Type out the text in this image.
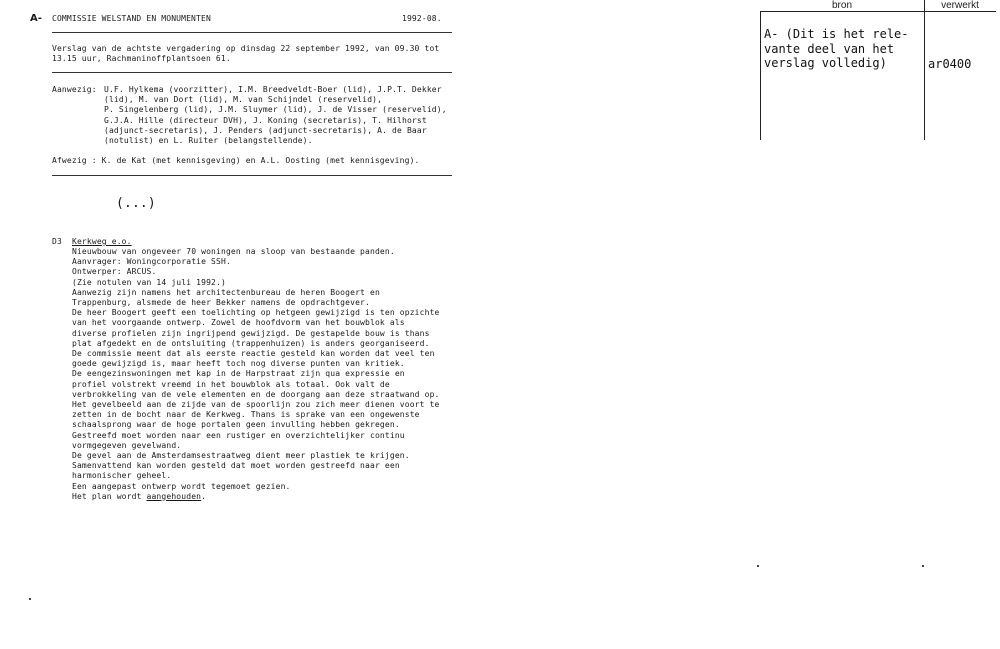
A- COMMISSIE WELSTAND EN MONUMENTEN	1992-08.
Verslag van de achtste vergadering op dinsdag 22 september 1992, van 09.30 tot
13.15 uur, Rachmaninoffplantsoen 61.
Aanwezig: U.F. Hylkema (voorzitter), I.M. Breedveldt-Boer (lid), J.P.T. Dekker
(lid), M. van Dort (lid), M. van Schijndel (reservelid),
P. Singelenberg (lid), J.M. Sluymer (lid), J. de Visser (reservelid),
G.J.A. Hille (directeur DVH), J. Koning (secretaris), T. Hilhorst
(adjunct-secretaris), J. Penders (adjunct-secretaris), A. de Baar
(notulist) en L. Ruiter (belangstellende).
Afwezig : K. de Kat (met kennisgeving) en A.L. Oosting (met kennisgeving).
(...)
D3 Kerkweg e.o.
Nieuwbouw van ongeveer 70 woningen na sloop van bestaande panden.
Aanvrager: Woningcorporatie SSH.
Ontwerper: ARCUS.
(Zie notulen van 14 juli 1992.)
Aanwezig zijn namens het architectenbureau de heren Boogert en
Trappenburg, alsmede de heer Bekker namens de opdrachtgever.
De heer Boogert geeft een toelichting op hetgeen gewijzigd is ten opzichte
van het voorgaande ontwerp. Zowel de hoofdvorm van het bouwblok als
diverse profielen zijn ingrijpend gewijzigd. De gestapelde bouw is thans
plat afgedekt en de ontsluiting (trappenhuizen) is anders georganiseerd.
De commissie meent dat als eerste reactie gesteld kan worden dat veel ten
goede gewijzigd is, maar heeft toch nog diverse punten van kritiek.
De eengezinswoningen met kap in de Harpstraat zijn qua expressie en
profiel volstrekt vreemd in het bouwblok als totaal. Ook valt de
verbrokkeling van de vele elementen en de doorgang aan deze straatwand op.
Het gevelbeeld aan de zijde van de spoorlijn zou zich meer dienen voort te
zetten in de bocht naar de Kerkweg. Thans is sprake van een ongewenste
schaalsprong waar de hoge portalen geen invulling hebben gekregen.
Gestreefd moet worden naar een rustiger en overzichtelijker continu
vormgegeven gevelwand.
De gevel aan de Amsterdamsestraatweg dient meer plastiek te krijgen.
Samenvattend kan worden gesteld dat moet worden gestreefd naar een
harmonischer geheel.
Een aangepast ontwerp wordt tegemoet gezien.
Het plan wordt aangehouden.
bron	verwerkt
A- (Dit is het rele-
vante deel van het
verslag volledig)	ar0400
